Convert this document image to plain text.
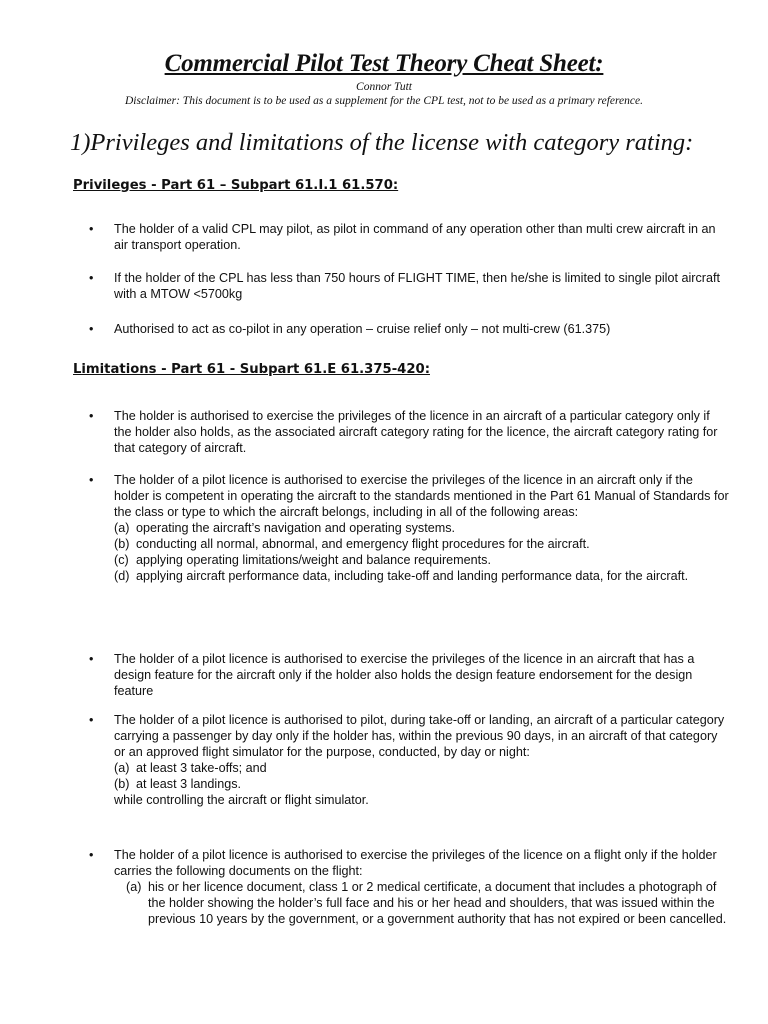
Commercial Pilot Test Theory Cheat Sheet:
Connor Tutt
Disclaimer: This document is to be used as a supplement for the CPL test, not to be used as a primary reference.
1)Privileges and limitations of the license with category rating:
Privileges - Part 61 – Subpart 61.I.1 61.570:
•	The holder of a valid CPL may pilot, as pilot in command of any operation other than multi crew aircraft in an air transport operation.
•	If the holder of the CPL has less than 750 hours of FLIGHT TIME, then he/she is limited to single pilot aircraft with a MTOW <5700kg
•	Authorised to act as co-pilot in any operation – cruise relief only – not multi-crew (61.375)
Limitations - Part 61 - Subpart 61.E 61.375-420:
•	The holder is authorised to exercise the privileges of the licence in an aircraft of a particular category only if the holder also holds, as the associated aircraft category rating for the licence, the aircraft category rating for that category of aircraft.
•	The holder of a pilot licence is authorised to exercise the privileges of the licence in an aircraft only if the holder is competent in operating the aircraft to the standards mentioned in the Part 61 Manual of Standards for the class or type to which the aircraft belongs, including in all of the following areas:
(a) operating the aircraft’s navigation and operating systems.
(b) conducting all normal, abnormal, and emergency flight procedures for the aircraft.
(c) applying operating limitations/weight and balance requirements.
(d) applying aircraft performance data, including take-off and landing performance data, for the aircraft.
•	The holder of a pilot licence is authorised to exercise the privileges of the licence in an aircraft that has a design feature for the aircraft only if the holder also holds the design feature endorsement for the design feature
•	The holder of a pilot licence is authorised to pilot, during take-off or landing, an aircraft of a particular category carrying a passenger by day only if the holder has, within the previous 90 days, in an aircraft of that category or an approved flight simulator for the purpose, conducted, by day or night:
(a) at least 3 take-offs; and
(b) at least 3 landings.
while controlling the aircraft or flight simulator.
•	The holder of a pilot licence is authorised to exercise the privileges of the licence on a flight only if the holder carries the following documents on the flight:
(a) his or her licence document, class 1 or 2 medical certificate, a document that includes a photograph of the holder showing the holder’s full face and his or her head and shoulders, that was issued within the previous 10 years by the government, or a government authority that has not expired or been cancelled.
